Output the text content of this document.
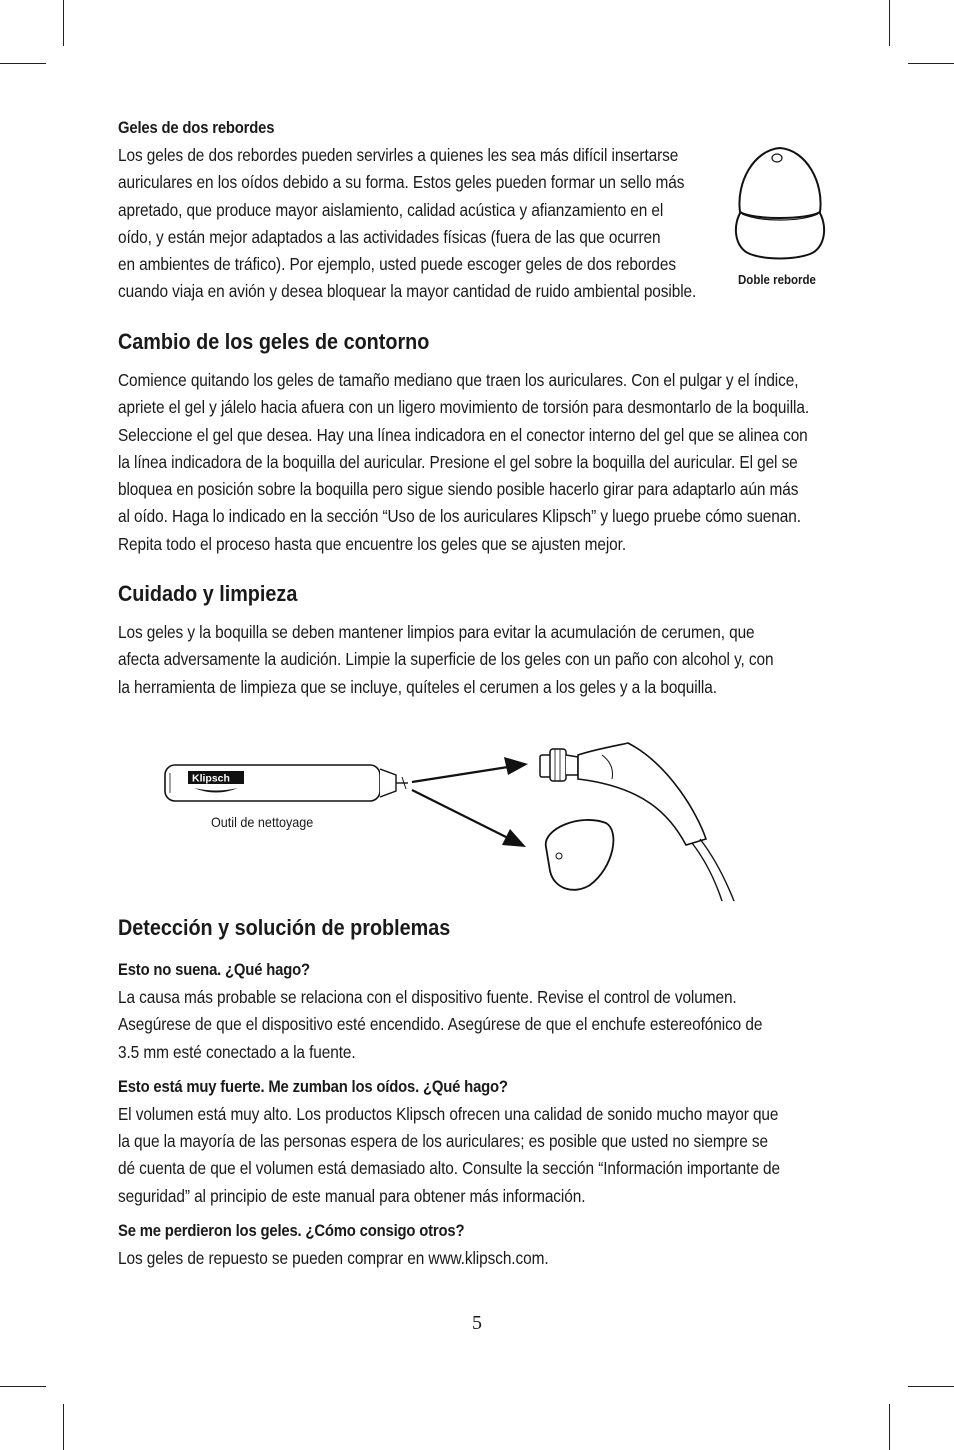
Geles de dos rebordes
Los geles de dos rebordes pueden servirles a quienes les sea más difícil insertarse
auriculares en los oídos debido a su forma. Estos geles pueden formar un sello más
apretado, que produce mayor aislamiento, calidad acústica y afianzamiento en el
oído, y están mejor adaptados a las actividades físicas (fuera de las que ocurren
en ambientes de tráfico). Por ejemplo, usted puede escoger geles de dos rebordes
cuando viaja en avión y desea bloquear la mayor cantidad de ruido ambiental posible.
Doble reborde
Cambio de los geles de contorno
Comience quitando los geles de tamaño mediano que traen los auriculares. Con el pulgar y el índice,
apriete el gel y jálelo hacia afuera con un ligero movimiento de torsión para desmontarlo de la boquilla.
Seleccione el gel que desea. Hay una línea indicadora en el conector interno del gel que se alinea con
la línea indicadora de la boquilla del auricular. Presione el gel sobre la boquilla del auricular. El gel se
bloquea en posición sobre la boquilla pero sigue siendo posible hacerlo girar para adaptarlo aún más
al oído. Haga lo indicado en la sección “Uso de los auriculares Klipsch” y luego pruebe cómo suenan.
Repita todo el proceso hasta que encuentre los geles que se ajusten mejor.
Cuidado y limpieza
Los geles y la boquilla se deben mantener limpios para evitar la acumulación de cerumen, que
afecta adversamente la audición. Limpie la superficie de los geles con un paño con alcohol y, con
la herramienta de limpieza que se incluye, quíteles el cerumen a los geles y a la boquilla.
Klipsch
Outil de nettoyage
Detección y solución de problemas
Esto no suena. ¿Qué hago?
La causa más probable se relaciona con el dispositivo fuente. Revise el control de volumen.
Asegúrese de que el dispositivo esté encendido. Asegúrese de que el enchufe estereofónico de
3.5 mm esté conectado a la fuente.
Esto está muy fuerte. Me zumban los oídos. ¿Qué hago?
El volumen está muy alto. Los productos Klipsch ofrecen una calidad de sonido mucho mayor que
la que la mayoría de las personas espera de los auriculares; es posible que usted no siempre se
dé cuenta de que el volumen está demasiado alto. Consulte la sección “Información importante de
seguridad” al principio de este manual para obtener más información.
Se me perdieron los geles. ¿Cómo consigo otros?
Los geles de repuesto se pueden comprar en www.klipsch.com.
5
